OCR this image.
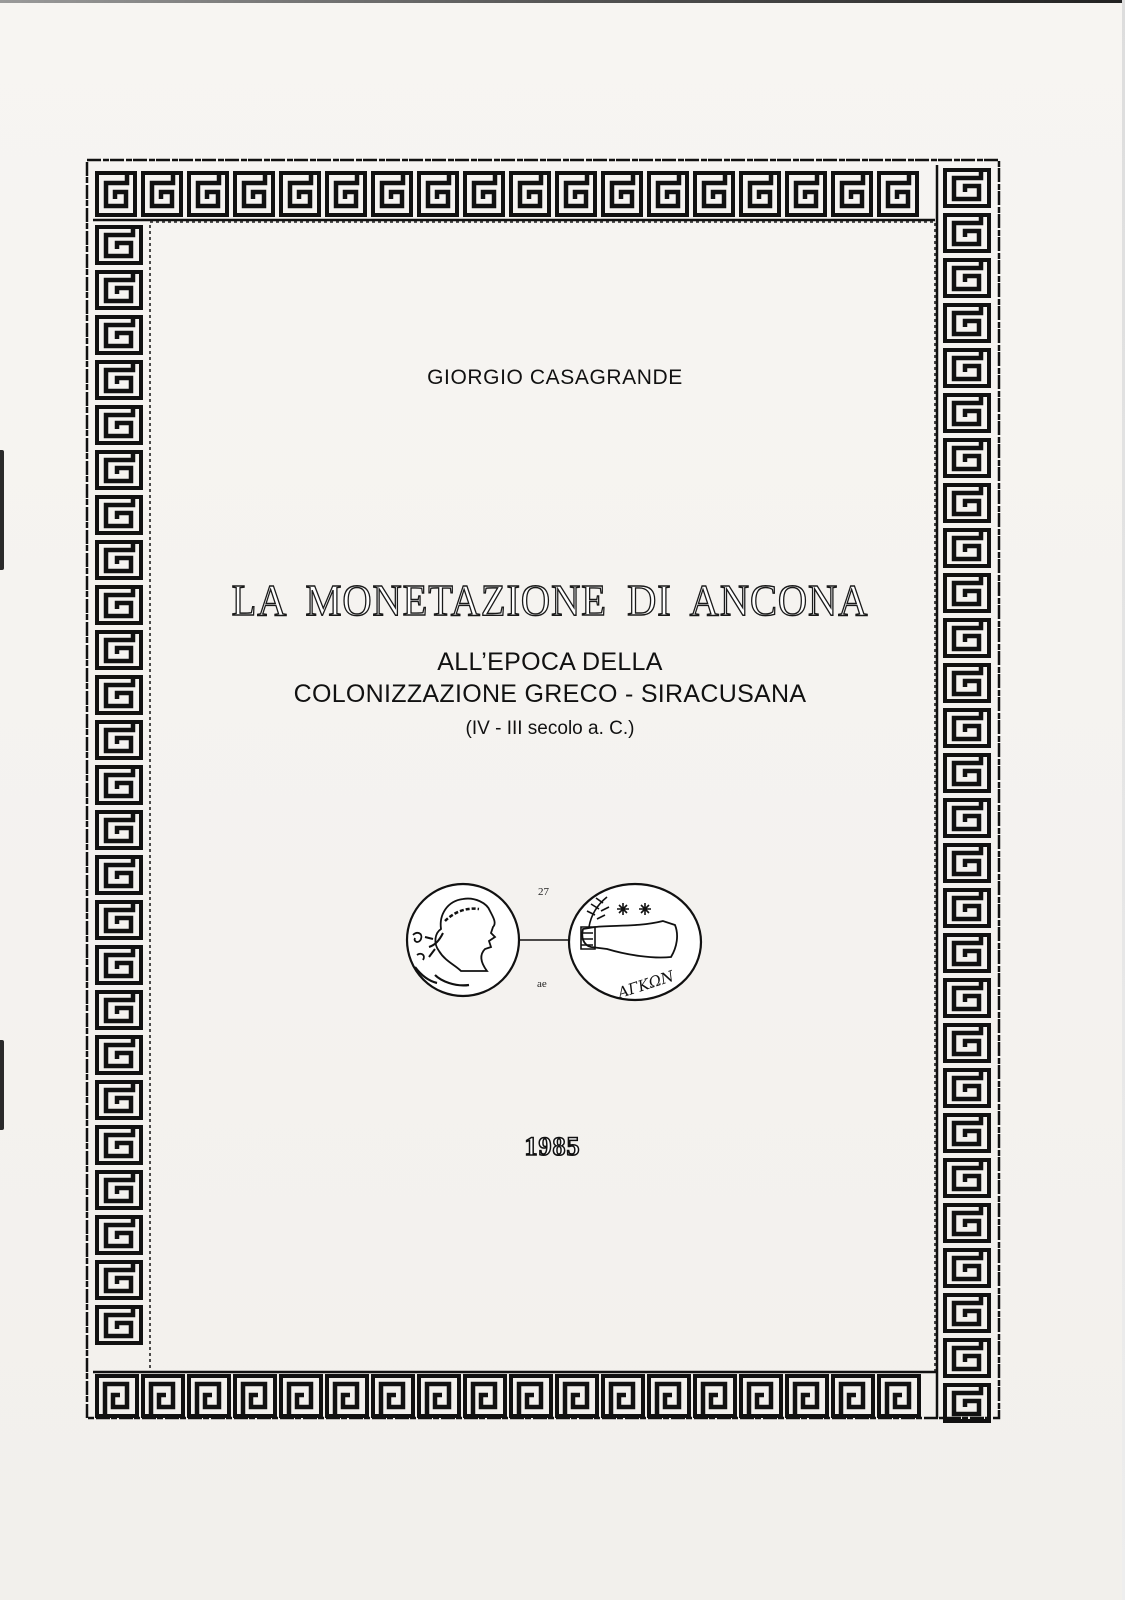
GIORGIO CASAGRANDE
LA MONETAZIONE DI ANCONA
ALL’EPOCA DELLA
COLONIZZAZIONE GRECO - SIRACUSANA
(IV - III secolo a. C.)
27
ae	ΑΓΚΩΝ
1985
